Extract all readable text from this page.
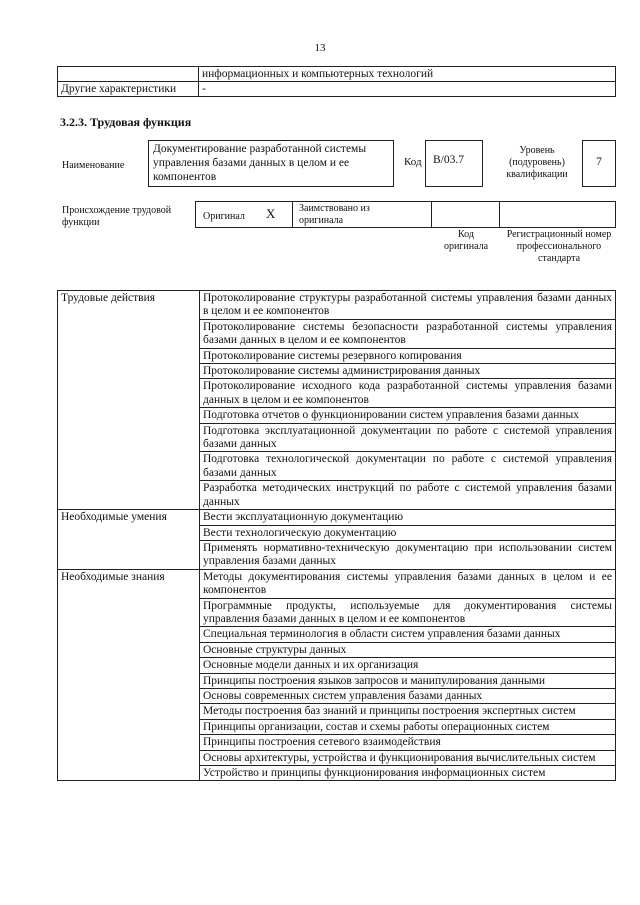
13
	информационных и компьютерных технологий
Другие характеристики	-
3.2.3. Трудовая функция
Наименование
Документирование разработанной системы управления базами данных в целом и ее компонентов
Код B/03.7
Уровень (подуровень) квалификации
7
Происхождение трудовой функции
Оригинал X Заимствовано из оригинала
Код оригинала
Регистрационный номер профессионального стандарта
Трудовые действия	Протоколирование структуры разработанной системы управления базами данных в целом и ее компонентов
	Протоколирование системы безопасности разработанной системы управления базами данных в целом и ее компонентов
	Протоколирование системы резервного копирования
	Протоколирование системы администрирования данных
	Протоколирование исходного кода разработанной системы управления базами данных в целом и ее компонентов
	Подготовка отчетов о функционировании систем управления базами данных
	Подготовка эксплуатационной документации по работе с системой управления базами данных
	Подготовка технологической документации по работе с системой управления базами данных
	Разработка методических инструкций по работе с системой управления базами данных
Необходимые умения	Вести эксплуатационную документацию
	Вести технологическую документацию
	Применять нормативно-техническую документацию при использовании систем управления базами данных
Необходимые знания	Методы документирования системы управления базами данных в целом и ее компонентов
	Программные продукты, используемые для документирования системы управления базами данных в целом и ее компонентов
	Специальная терминология в области систем управления базами данных
	Основные структуры данных
	Основные модели данных и их организация
	Принципы построения языков запросов и манипулирования данными
	Основы современных систем управления базами данных
	Методы построения баз знаний и принципы построения экспертных систем
	Принципы организации, состав и схемы работы операционных систем
	Принципы построения сетевого взаимодействия
	Основы архитектуры, устройства и функционирования вычислительных систем
	Устройство и принципы функционирования информационных систем
